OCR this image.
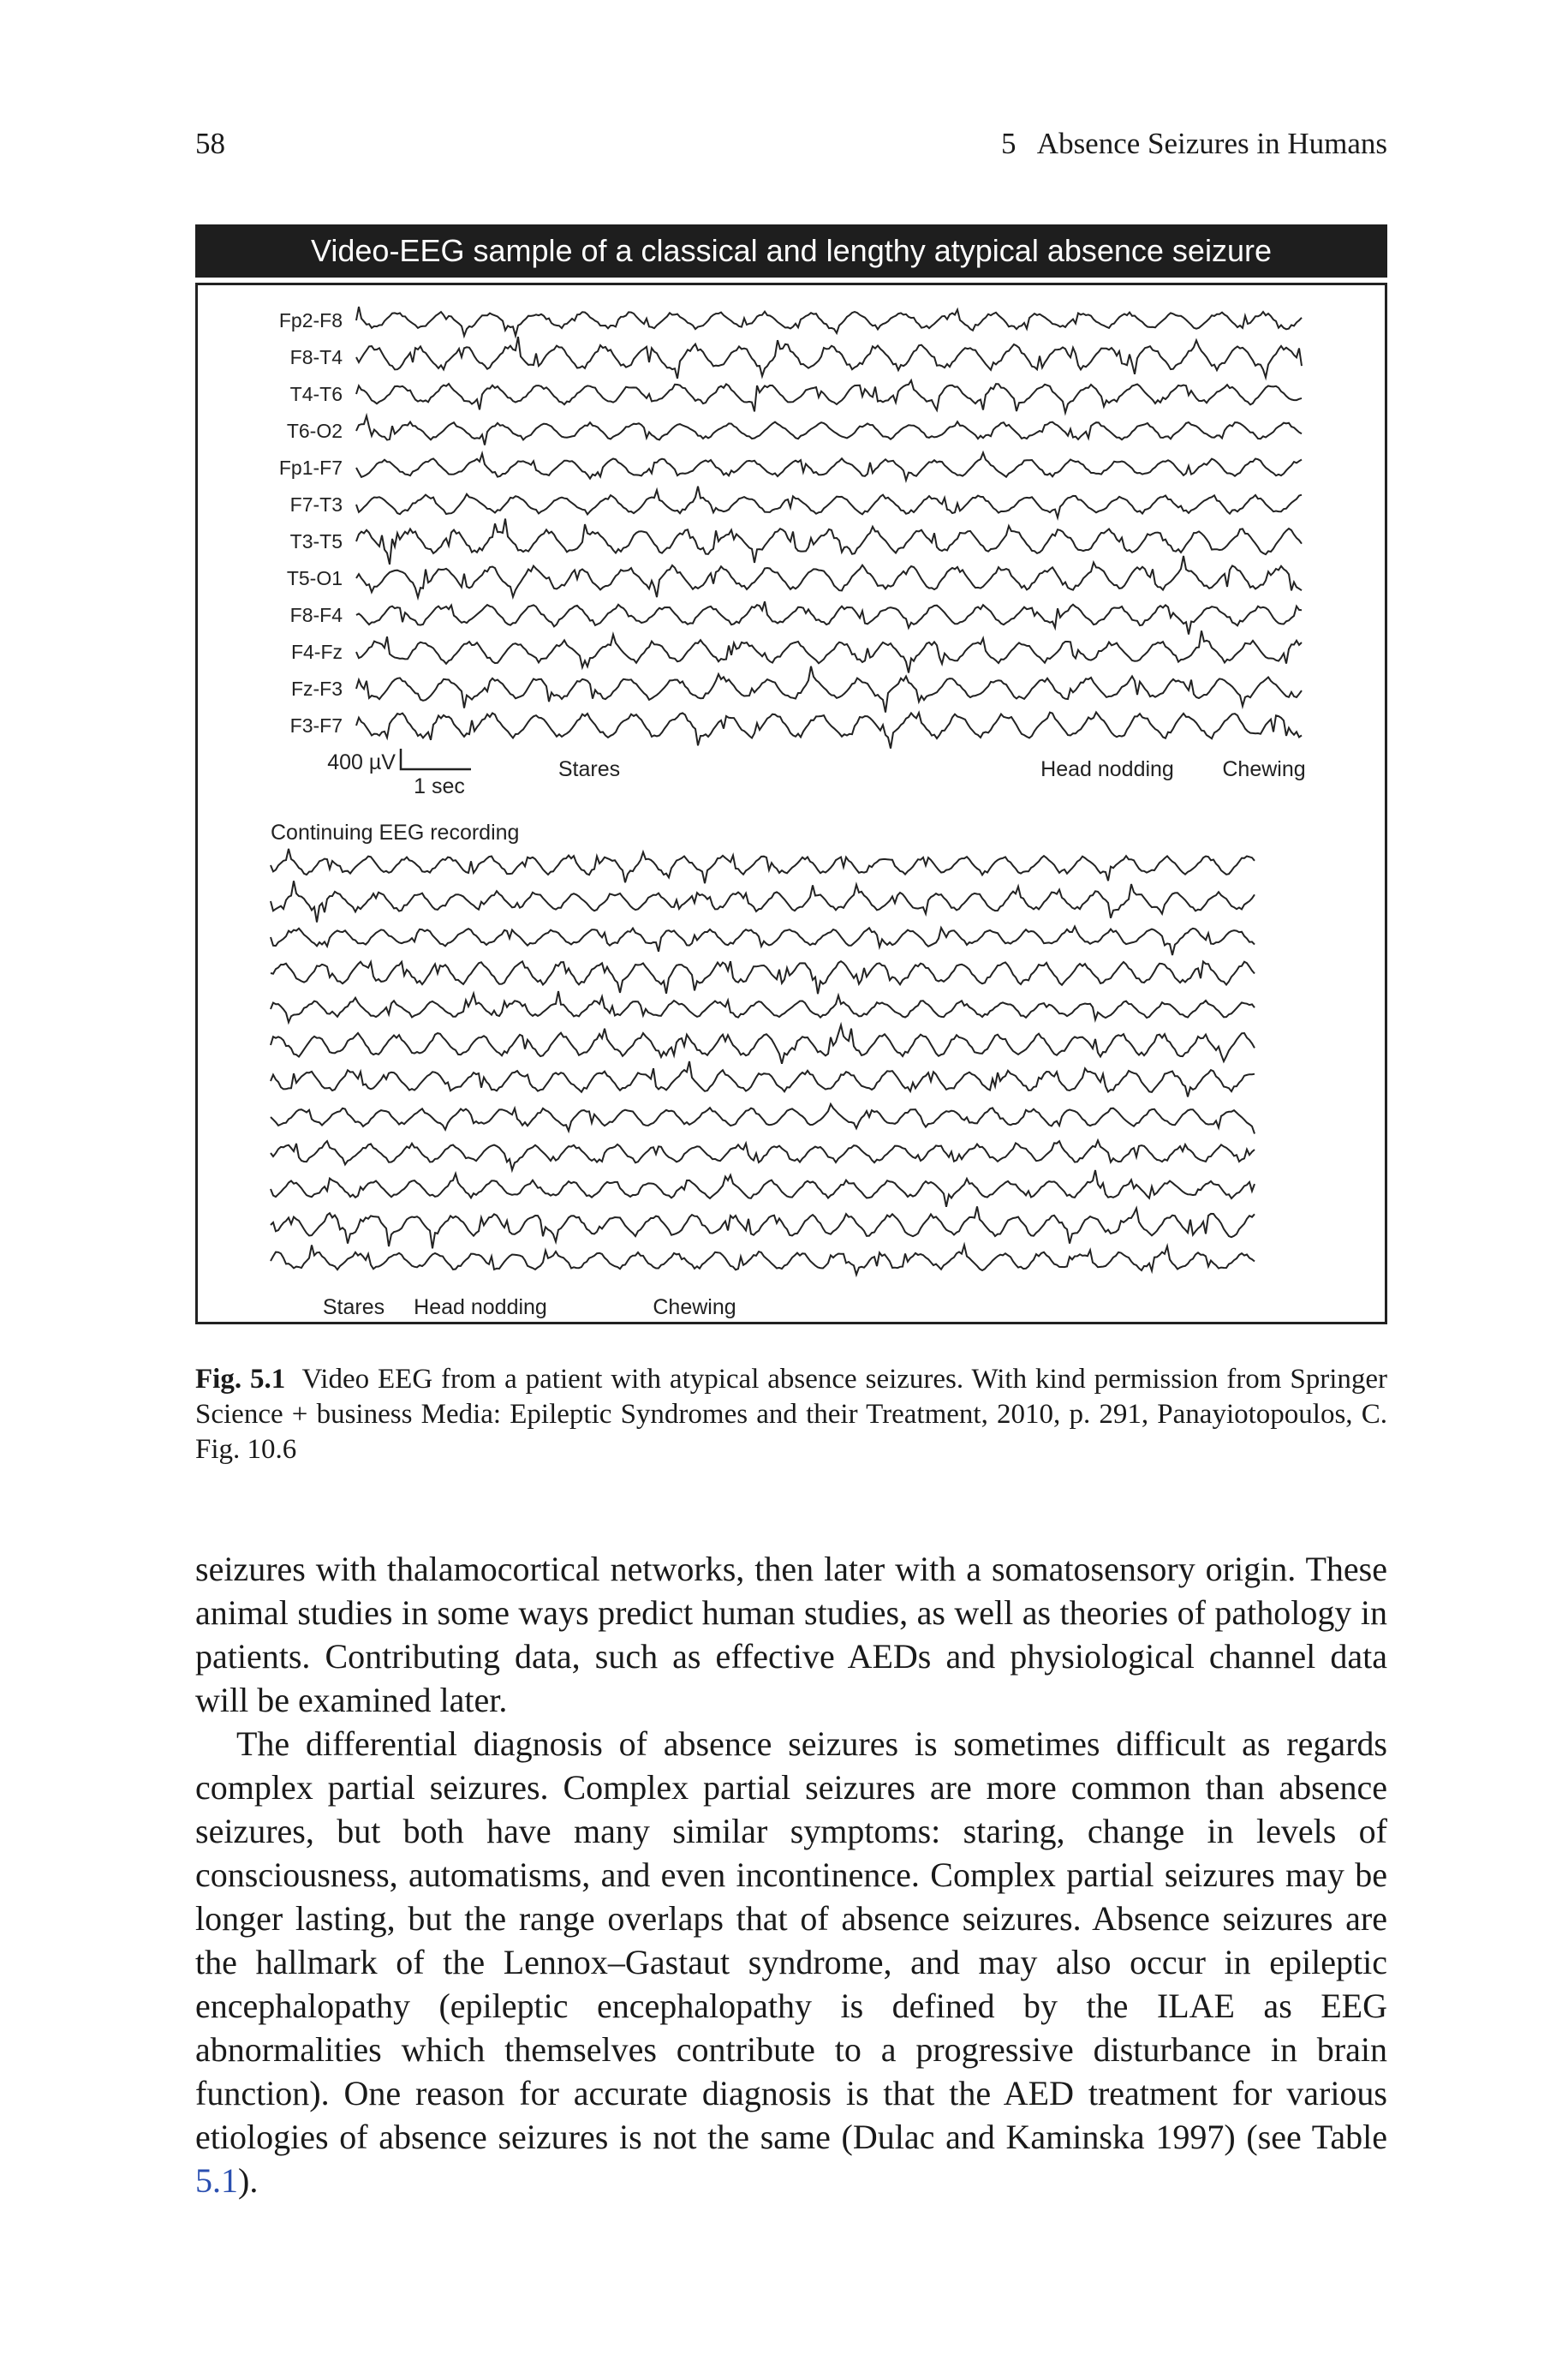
58	5   Absence Seizures in Humans
Video-EEG sample of a classical and lengthy atypical absence seizure
Fp2-F8
F8-T4
T4-T6
T6-O2
Fp1-F7
F7-T3
T3-T5
T5-O1
F8-F4
F4-Fz
Fz-F3
F3-F7
400 µV
1 sec
Stares	Head nodding Chewing
Continuing EEG recording
Stares Head nodding	Chewing
Fig. 5.1  Video EEG from a patient with atypical absence seizures. With kind permission from Springer Science + business Media: Epileptic Syndromes and their Treatment, 2010, p. 291, Panayiotopoulos, C. Fig. 10.6

seizures with thalamocortical networks, then later with a somatosensory origin. These animal studies in some ways predict human studies, as well as theories of pathology in patients. Contributing data, such as effective AEDs and physiological channel data will be examined later.

The differential diagnosis of absence seizures is sometimes difficult as regards complex partial seizures. Complex partial seizures are more common than absence seizures, but both have many similar symptoms: staring, change in levels of consciousness, automatisms, and even incontinence. Complex partial seizures may be longer lasting, but the range overlaps that of absence seizures. Absence seizures are the hallmark of the Lennox–Gastaut syndrome, and may also occur in epileptic encephalopathy (epileptic encephalopathy is defined by the ILAE as EEG abnormalities which themselves contribute to a progressive disturbance in brain function). One reason for accurate diagnosis is that the AED treatment for various etiologies of absence seizures is not the same (Dulac and Kaminska 1997) (see Table 5.1).
